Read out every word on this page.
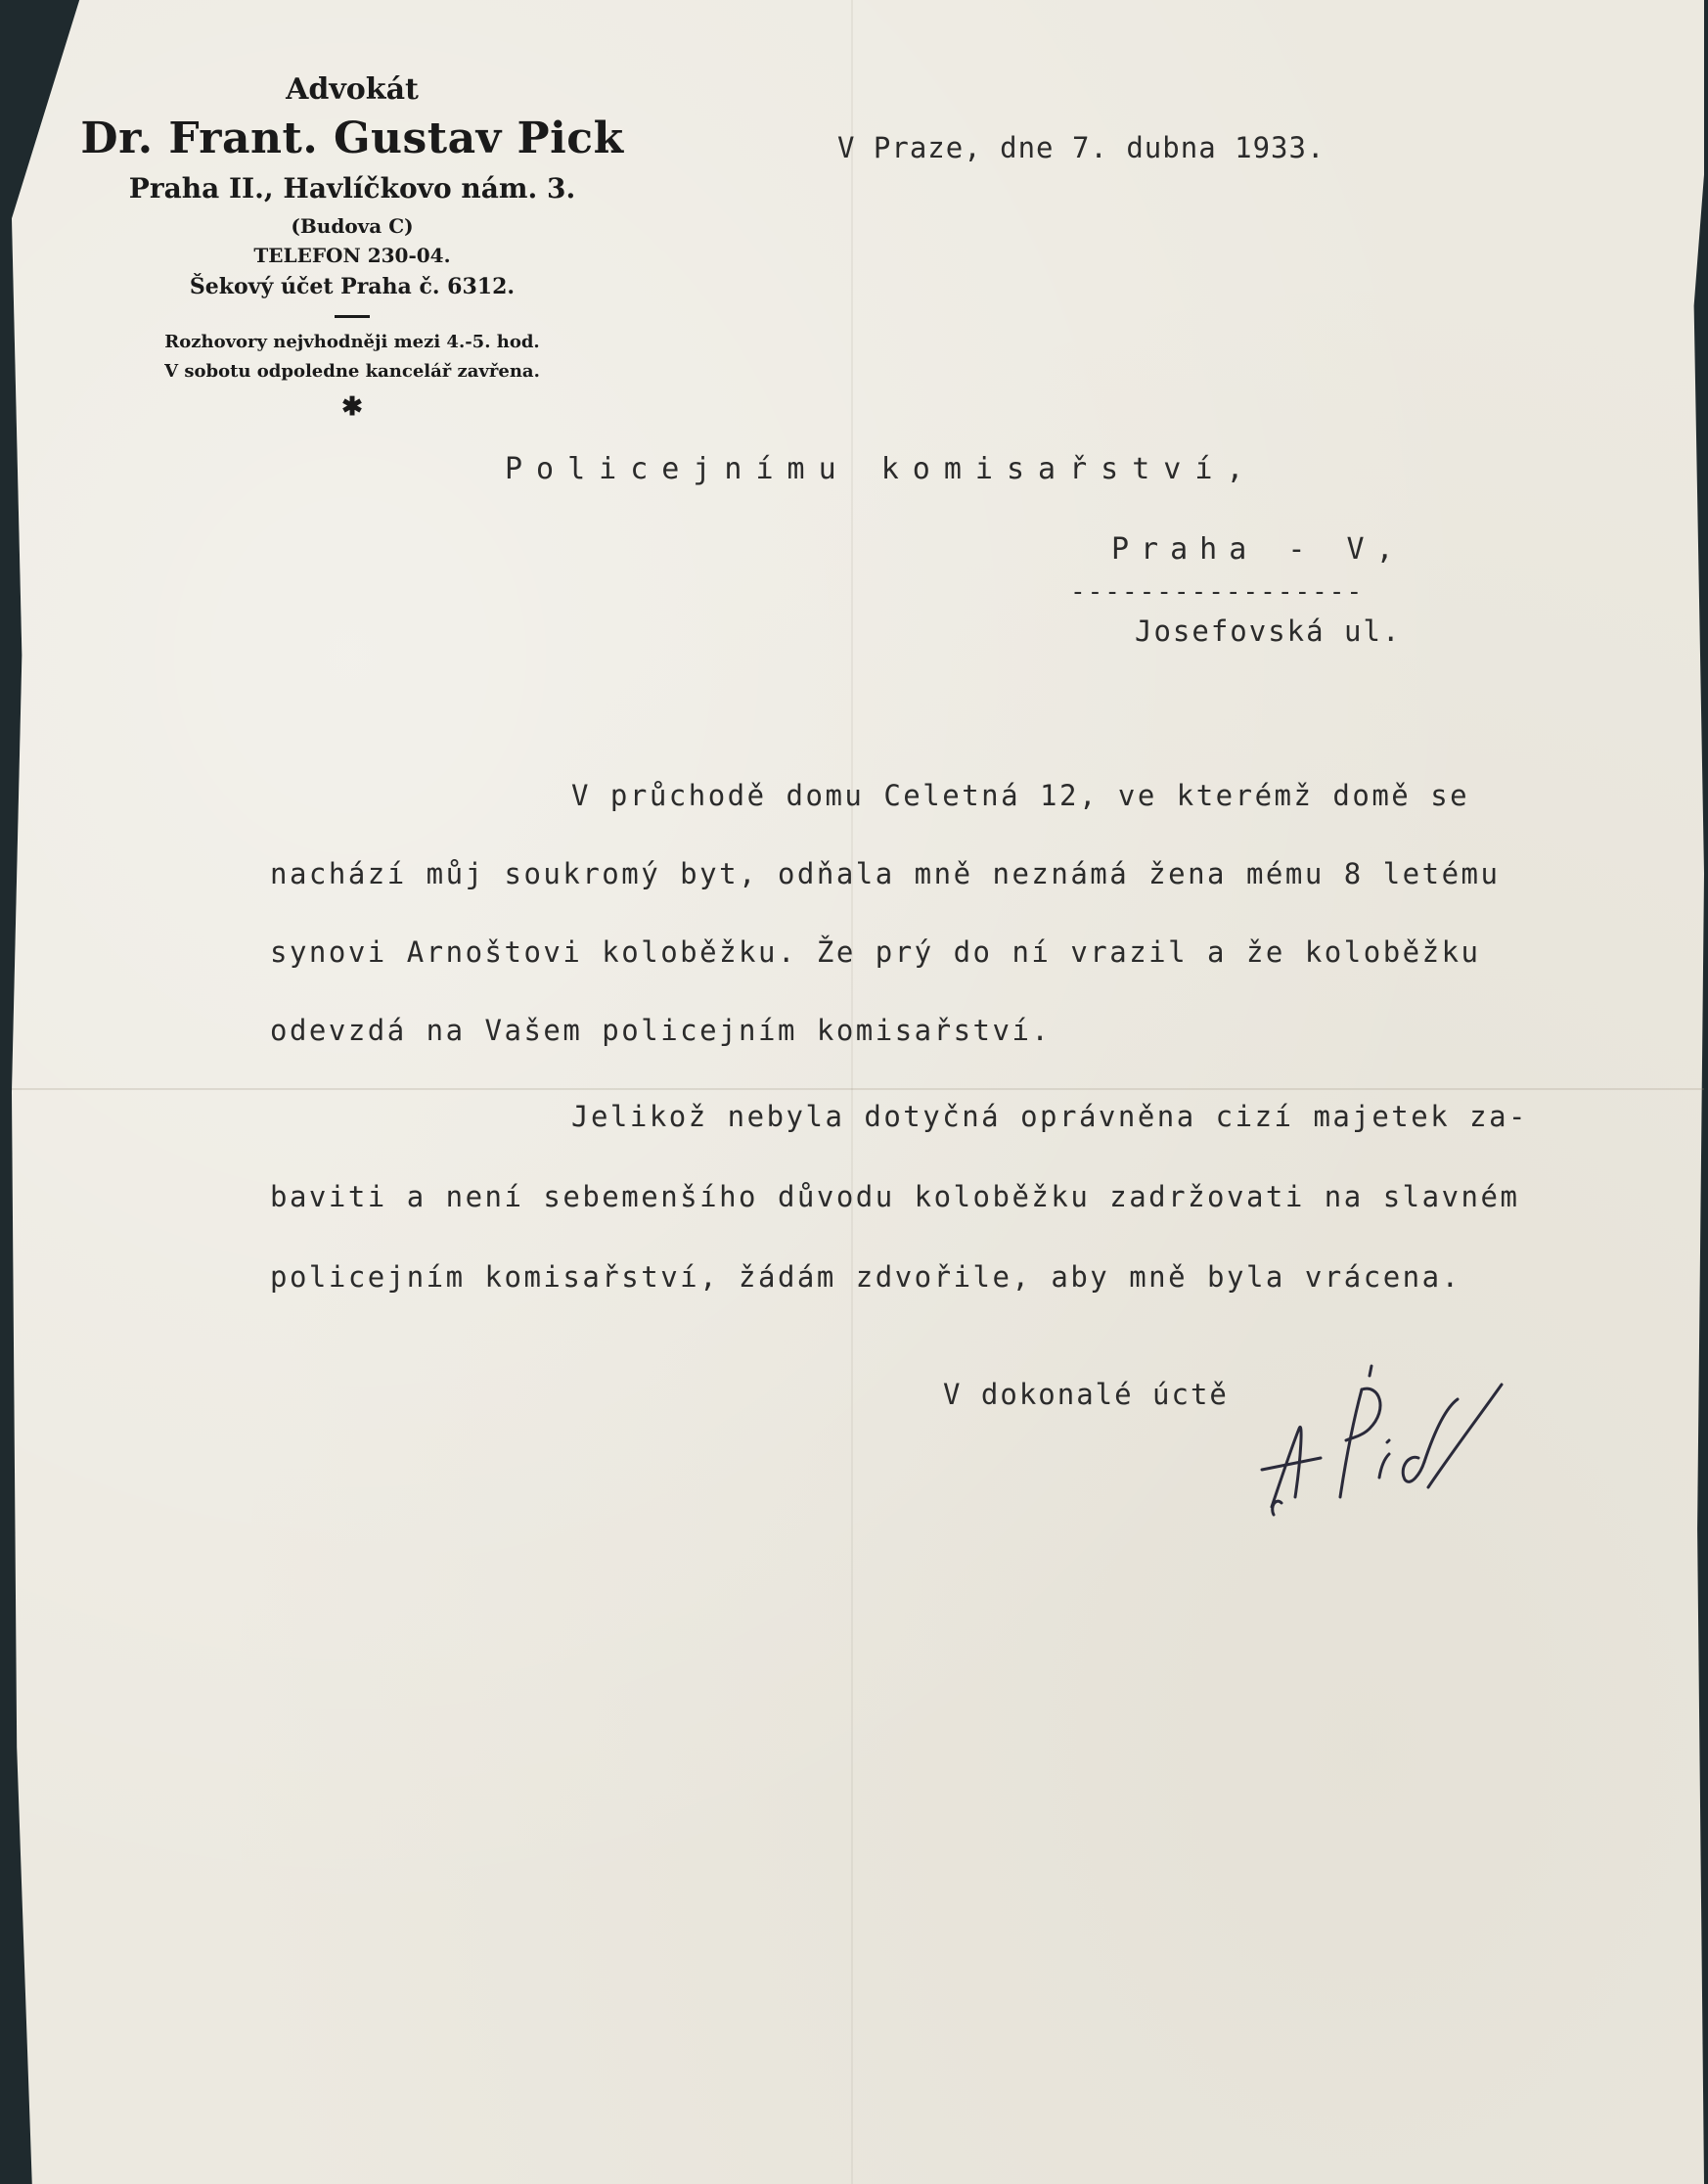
Advokát
Dr. Frant. Gustav Pick
Praha II., Havlíčkovo nám. 3.
(Budova C)
TELEFON 230-04.
Šekový účet Praha č. 6312.
Rozhovory nejvhodněji mezi 4.-5. hod.
V sobotu odpoledne kancelář zavřena.
✱
V Praze, dne 7. dubna 1933.
Policejnímu komisařství,
Praha - V,
-----------------
Josefovská ul.
V průchodě domu Celetná 12, ve kterémž domě se
nachází můj soukromý byt, odňala mně neznámá žena mému 8 letému
synovi Arnoštovi koloběžku. Že prý do ní vrazil a že koloběžku
odevzdá na Vašem policejním komisařství.
Jelikož nebyla dotyčná oprávněna cizí majetek za-
baviti a není sebemenšího důvodu koloběžku zadržovati na slavném
policejním komisařství, žádám zdvořile, aby mně byla vrácena.
V dokonalé úctě
